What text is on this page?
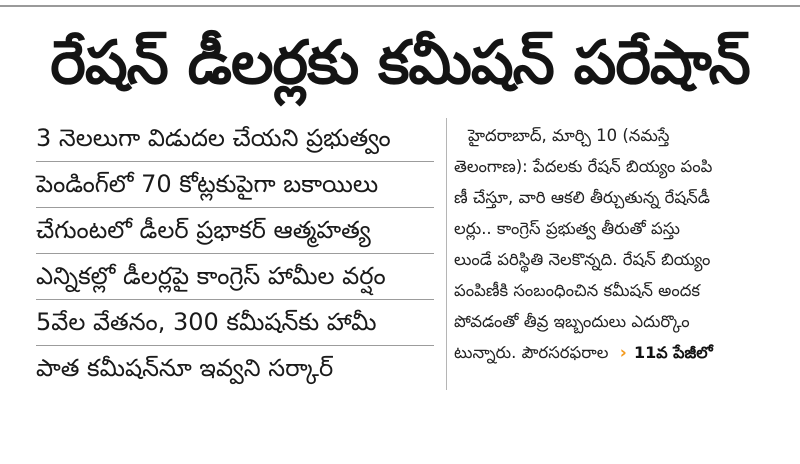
రేషన్ డీలర్లకు కమీషన్ పరేషాన్
3 నెలలుగా విడుదల చేయని ప్రభుత్వం
పెండింగ్‌లో 70 కోట్లకుపైగా బకాయిలు
చేగుంటలో డీలర్ ప్రభాకర్ ఆత్మహత్య
ఎన్నికల్లో డీలర్లపై కాంగ్రెస్ హామీల వర్షం
5వేల వేతనం, 300 కమీషన్‌కు హామీ
పాత కమీషన్‌నూ ఇవ్వని సర్కార్
హైదరాబాద్, మార్చి 10 (నమస్తే
తెలంగాణ): పేదలకు రేషన్ బియ్యం పంపి
ణీ చేస్తూ, వారి ఆకలి తీర్చుతున్న రేషన్‌డీ
లర్లు.. కాంగ్రెస్ ప్రభుత్వ తీరుతో పస్తు
లుండే పరిస్థితి నెలకొన్నది. రేషన్ బియ్యం
పంపిణీకి సంబంధించిన కమీషన్ అందక
పోవడంతో తీవ్ర ఇబ్బందులు ఎదుర్కొం
టున్నారు. పౌరసరఫరాల › 11వ పేజీలో
